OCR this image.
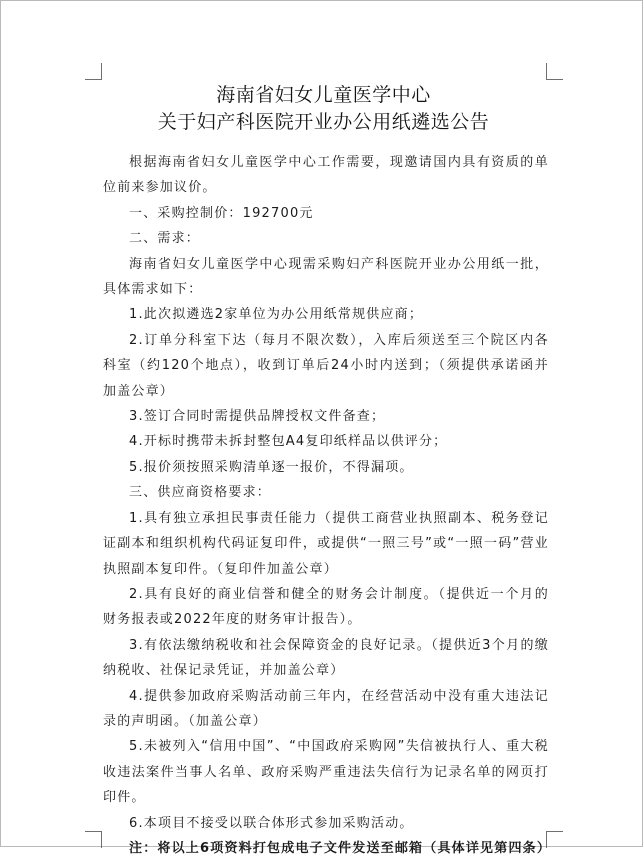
海南省妇女儿童医学中心
关于妇产科医院开业办公用纸遴选公告

根据海南省妇女儿童医学中心工作需要，现邀请国内具有资质的单位前来参加议价。

一、采购控制价：192700元

二、需求：

海南省妇女儿童医学中心现需采购妇产科医院开业办公用纸一批，具体需求如下：

1.此次拟遴选2家单位为办公用纸常规供应商；

2.订单分科室下达（每月不限次数），入库后须送至三个院区内各科室（约120个地点），收到订单后24小时内送到；（须提供承诺函并加盖公章）

3.签订合同时需提供品牌授权文件备查；

4.开标时携带未拆封整包A4复印纸样品以供评分；

5.报价须按照采购清单逐一报价，不得漏项。

三、供应商资格要求：

1.具有独立承担民事责任能力（提供工商营业执照副本、税务登记证副本和组织机构代码证复印件，或提供“一照三号”或“一照一码”营业执照副本复印件。（复印件加盖公章）

2.具有良好的商业信誉和健全的财务会计制度。（提供近一个月的财务报表或2022年度的财务审计报告）。

3.有依法缴纳税收和社会保障资金的良好记录。（提供近3个月的缴纳税收、社保记录凭证，并加盖公章）

4.提供参加政府采购活动前三年内，在经营活动中没有重大违法记录的声明函。（加盖公章）

5.未被列入“信用中国”、“中国政府采购网”失信被执行人、重大税收违法案件当事人名单、政府采购严重违法失信行为记录名单的网页打印件。

6.本项目不接受以联合体形式参加采购活动。

注：将以上6项资料打包成电子文件发送至邮箱（具体详见第四条）
